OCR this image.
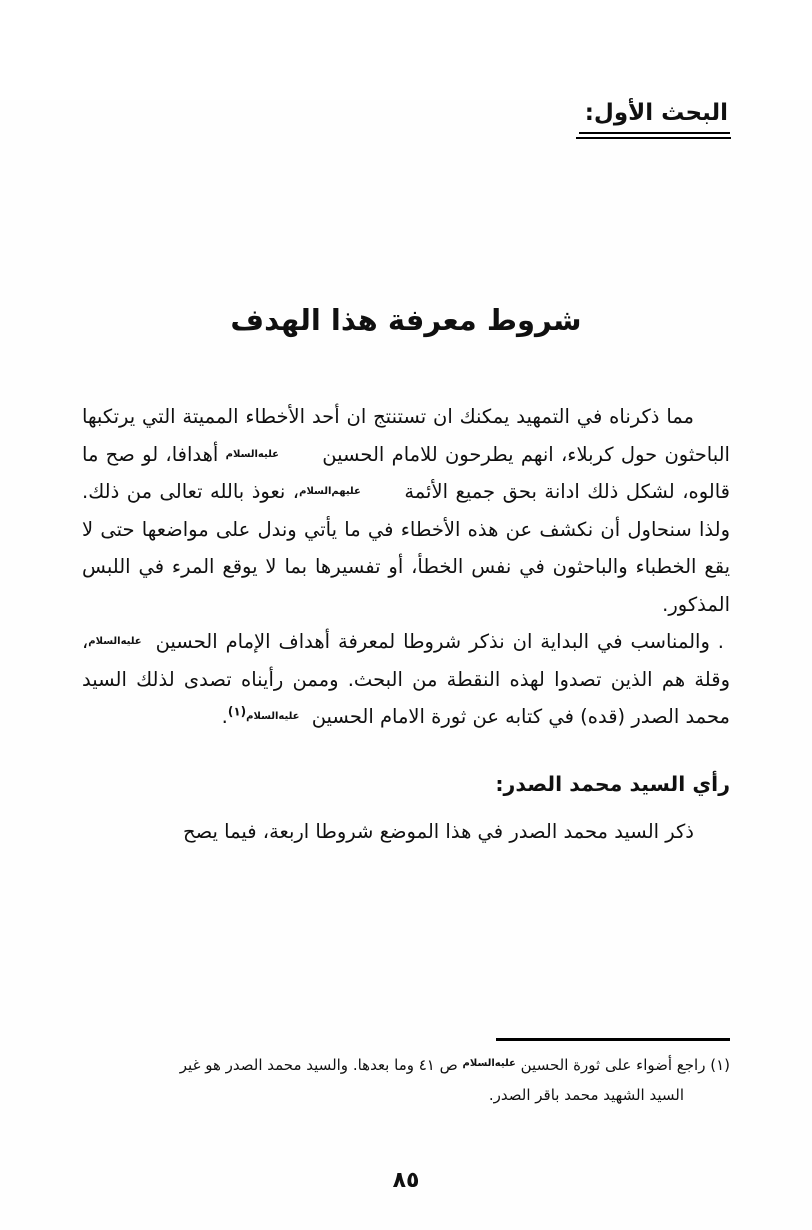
البحث الأول:
شروط معرفة هذا الهدف

مما ذكرناه في التمهيد يمكنك ان تستنتج ان أحد الأخطاء المميتة التي يرتكبها الباحثون حول كربلاء، انهم يطرحون للامام الحسين عليه‌السلام أهدافا، لو صح ما قالوه، لشكل ذلك ادانة بحق جميع الأئمة عليهم‌السلام، نعوذ بالله تعالى من ذلك. ولذا سنحاول أن نكشف عن هذه الأخطاء في ما يأتي وندل على مواضعها حتى لا يقع الخطباء والباحثون في نفس الخطأ، أو تفسيرها بما لا يوقع المرء في اللبس المذكور.

. والمناسب في البداية ان نذكر شروطا لمعرفة أهداف الإمام الحسين عليه‌السلام، وقلة هم الذين تصدوا لهذه النقطة من البحث. وممن رأيناه تصدى لذلك السيد محمد الصدر (قده) في كتابه عن ثورة الامام الحسين عليه‌السلام$^{(١)}$.

رأي السيد محمد الصدر:

ذكر السيد محمد الصدر في هذا الموضع شروطا اربعة، فيما يصح

(١) راجع أضواء على ثورة الحسين عليه‌السلام ص ٤١ وما بعدها. والسيد محمد الصدر هو غير

السيد الشهيد محمد باقر الصدر.

٨٥
